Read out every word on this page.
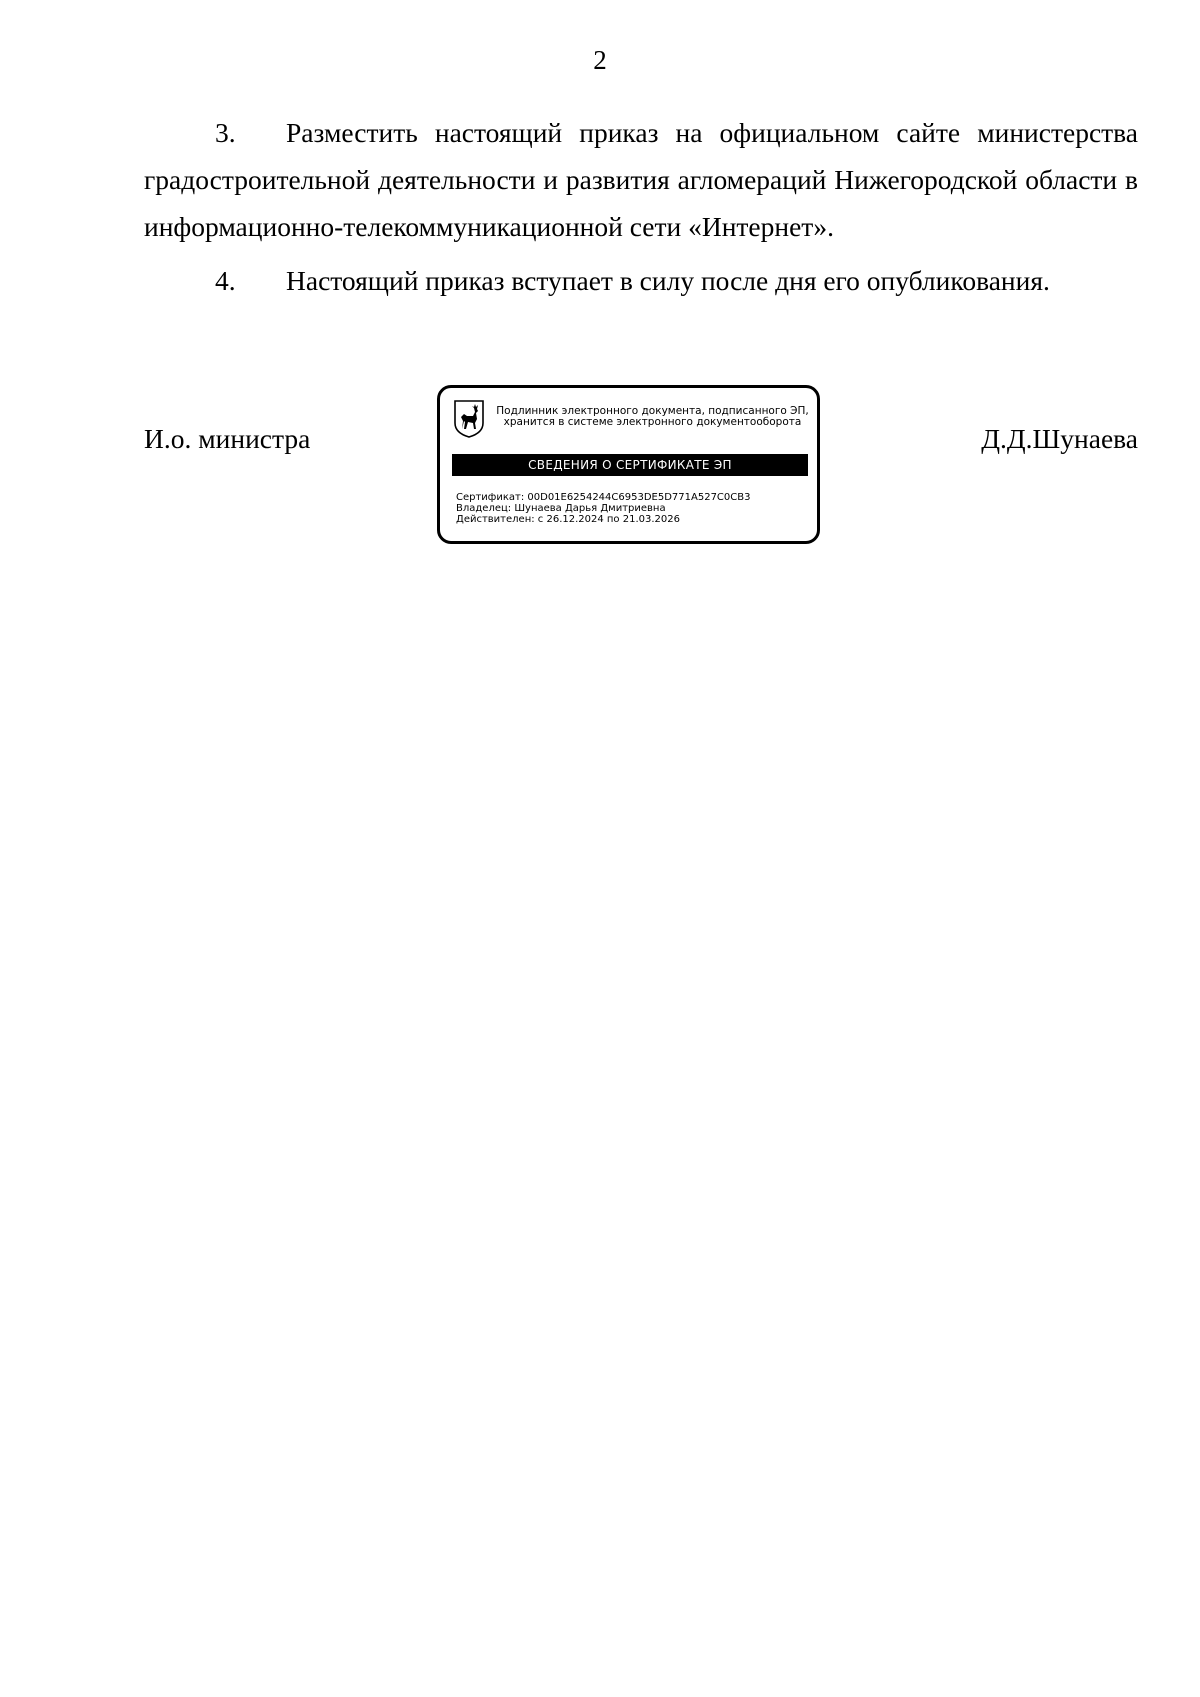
2

3. Разместить настоящий приказ на официальном сайте министерства градостроительной деятельности и развития агломераций Нижегородской области в информационно-телекоммуникационной сети «Интернет».

4. Настоящий приказ вступает в силу после дня его опубликования.

И.о. министра
Подлинник электронного документа, подписанного ЭП,
хранится в системе электронного документооборота
СВЕДЕНИЯ О СЕРТИФИКАТЕ ЭП
Сертификат: 00D01E6254244C6953DE5D771A527C0CB3
Владелец: Шунаева Дарья Дмитриевна
Действителен: с 26.12.2024 по 21.03.2026
Д.Д.Шунаева
